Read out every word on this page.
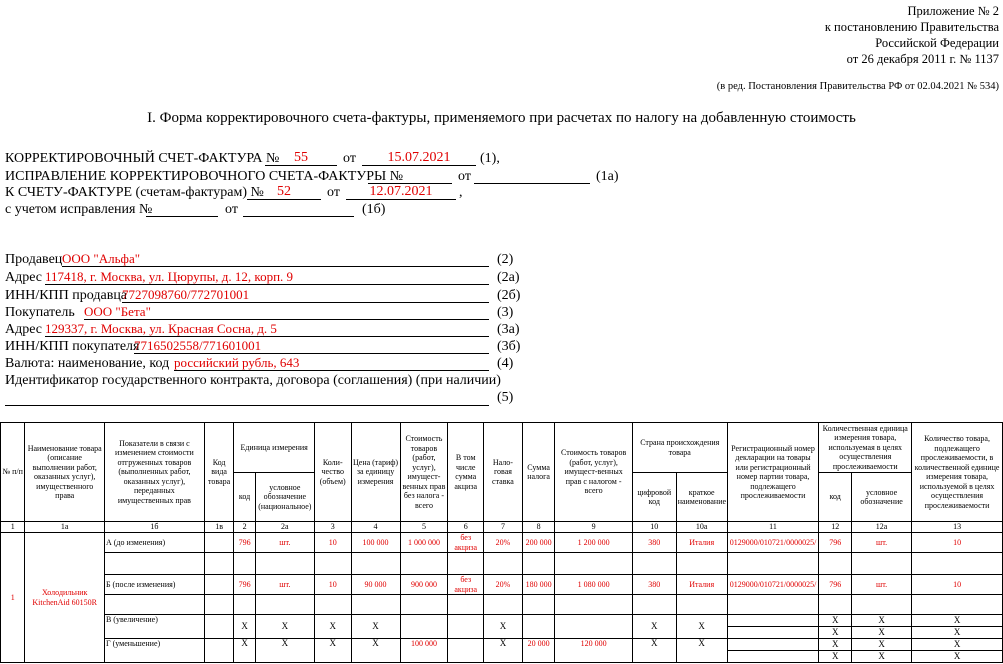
Приложение № 2
к постановлению Правительства
Российской Федерации
от 26 декабря 2011 г. № 1137
(в ред. Постановления Правительства РФ от 02.04.2021 № 534)
I. Форма корректировочного счета-фактуры, применяемого при расчетах по налогу на добавленную стоимость
КОРРЕКТИРОВОЧНЫЙ СЧЕТ-ФАКТУРА №	55	от	15.07.2021	(1),
ИСПРАВЛЕНИЕ КОРРЕКТИРОВОЧНОГО СЧЕТА-ФАКТУРЫ №	от	(1а)
К СЧЕТУ-ФАКТУРЕ (счетам-фактурам) № 52	от	12.07.2021	,
с учетом исправления №	от	(1б)
Продавец ООО "Альфа"	(2)
Адрес 117418, г. Москва, ул. Цюрупы, д. 12, корп. 9	(2а)
ИНН/КПП продавца
7727098760/772701001	(2б)
Покупатель ООО "Бета"	(3)
Адрес 129337, г. Москва, ул. Красная Сосна, д. 5	(3а)
ИНН/КПП покупателя
7716502558/771601001	(3б)
Валюта: наименование, код российский рубль, 643	(4)
Идентификатор государственного контракта, договора (соглашения) (при наличии)
(5)
№ п/п	Наименование товара (описание выполнении работ, оказанных услуг), имущественного права	Показатели в связи с изменением стоимости отгруженных товаров (выполненных работ, оказанных услуг), переданных имущественных прав	Код вида товара	Единица измерения		Коли-чество (объем)	Цена (тариф) за единицу измерения	Стоимость товаров (работ, услуг), имущест-венных прав без налога - всего	В том числе сумма акциза	Нало-говая ставка	Сумма налога	Стоимость товаров (работ, услуг), имущест-венных прав с налогом - всего	Страна происхождения товара		Регистрационный номер декларации на товары или регистрационный номер партии товара, подлежащего прослеживаемости	Количественная единица измерения товара, используемая в целях осуществления прослеживаемости		Количество товара, подлежащего прослеживаемости, в количественной единице измерения товара, используемой в целях осуществления прослеживаемости
				код	условное обозначение (национальное)								цифровой код	краткое наименование		код	условное обозначение	
1	1а	1б	1в	2	2а	3	4	5	6	7	8	9	10	10а	11	12	12а	13
1	Холодильник KitchenAid 60150R	А (до изменения)		796	шт.	10	100 000	1 000 000	без акциза	20%	200 000	1 200 000	380	Италия	0129000/010721/0000025/	796	шт.	10

		Б (после изменения)		796	шт.	10	90 000	900 000	без акциза	20%	180 000	1 080 000	380	Италия	0129000/010721/0000025/	796	шт.	10

		В (увеличение)		X	X	X	X			X			X	X		X	X	X
																X	X	X
		Г (уменьшение)		X	X	X	X	100 000		X	20 000	120 000	X	X		X	X	X
																X	X	X
